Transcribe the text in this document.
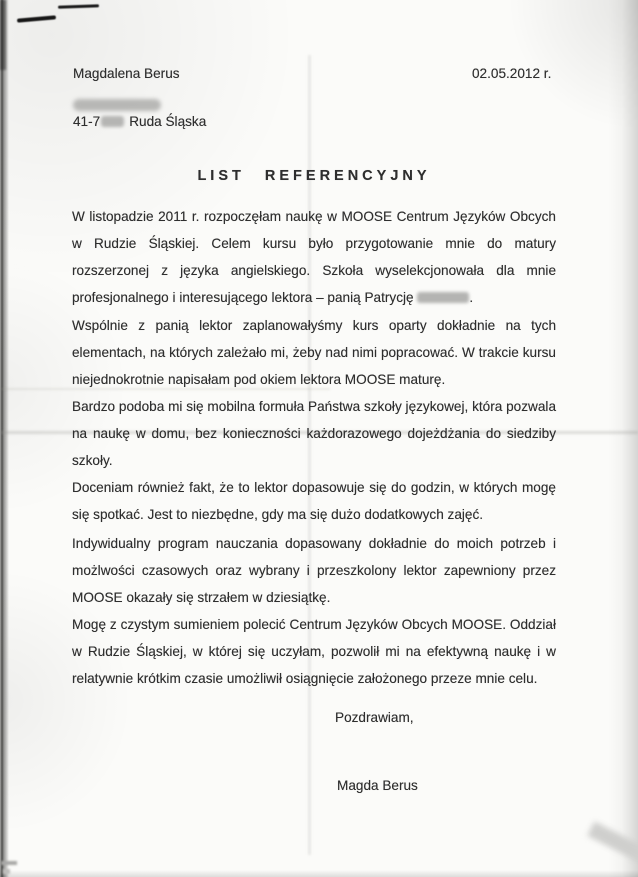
Magdalena Berus	02.05.2012 r.
41-7 Ruda Śląska
LIST REFERENCYJNY

W listopadzie 2011 r. rozpoczęłam naukę w MOOSE Centrum Języków Obcych w Rudzie Śląskiej. Celem kursu było przygotowanie mnie do matury rozszerzonej z języka angielskiego. Szkoła wyselekcjonowała dla mnie profesjonalnego i interesującego lektora – panią Patrycję	.

Wspólnie z panią lektor zaplanowałyśmy kurs oparty dokładnie na tych elementach, na których zależało mi, żeby nad nimi popracować. W trakcie kursu niejednokrotnie napisałam pod okiem lektora MOOSE maturę.

Bardzo podoba mi się mobilna formuła Państwa szkoły językowej, która pozwala na naukę w domu, bez konieczności każdorazowego dojeżdżania do siedziby szkoły.

Doceniam również fakt, że to lektor dopasowuje się do godzin, w których mogę się spotkać. Jest to niezbędne, gdy ma się dużo dodatkowych zajęć.

Indywidualny program nauczania dopasowany dokładnie do moich potrzeb i możlwości czasowych oraz wybrany i przeszkolony lektor zapewniony przez MOOSE okazały się strzałem w dziesiątkę.

Mogę z czystym sumieniem polecić Centrum Języków Obcych MOOSE. Oddział w Rudzie Śląskiej, w której się uczyłam, pozwolił mi na efektywną naukę i w relatywnie krótkim czasie umożliwił osiągnięcie założonego przeze mnie celu.

Pozdrawiam,
Magda Berus
